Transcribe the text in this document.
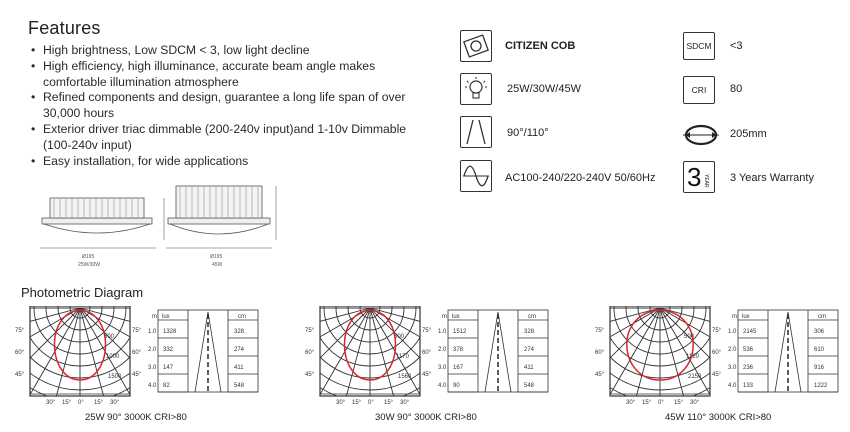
Features
• High brightness, Low SDCM < 3, low light decline
• High efficiency, high illuminance, accurate beam angle makes comfortable illumination atmosphere
• Refined components and design, guarantee a long life span of over 30,000 hours
• Exterior driver triac dimmable (200-240v input)and 1-10v Dimmable (100-240v input)
• Easy installation, for wide applications
Ø195
25W/30W
Ø195
45W
CITIZEN COB
25W/30W/45W
90°/110°
AC100-240/220-240V 50/60Hz
SDCM	<3
CRI	80
205mm
3 YEAR 3 Years Warranty
Photometric Diagram
500
1000
1500
75°
60°
45°
75°
60°
45°
30° 15° 0° 15° 30°
m lux	cm
1.0 1328	328
2.0 332	274
3.0 147	411
4.0 82	548
25W 90° 3000K CRI>80
500
1170
1560
75°
60°
45°
75°
60°
45°
30° 15° 0° 15° 30°
m lux	cm
1.0 1512	328
2.0 378	274
3.0 167	411
4.0 90	548
30W 90° 3000K CRI>80
500
1120
2150
75°
60°
45°
75°
60°
45°
30° 15° 0° 15° 30°
m lux	cm
1.0 2145	306
2.0 536	610
3.0 236	916
4.0 133	1222
45W 110° 3000K CRI>80
